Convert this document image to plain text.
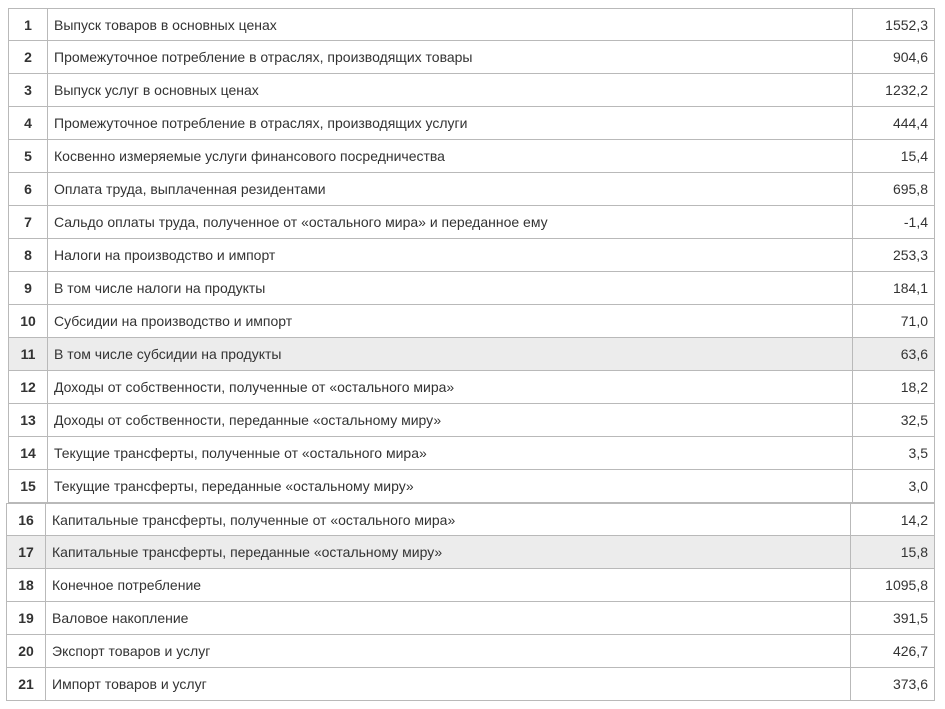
1	Выпуск товаров в основных ценах	1552,3
2	Промежуточное потребление в отраслях, производящих товары	904,6
3	Выпуск услуг в основных ценах	1232,2
4	Промежуточное потребление в отраслях, производящих услуги	444,4
5	Косвенно измеряемые услуги финансового посредничества	15,4
6	Оплата труда, выплаченная резидентами	695,8
7	Сальдо оплаты труда, полученное от «остального мира» и переданное ему	-1,4
8	Налоги на производство и импорт	253,3
9	В том числе налоги на продукты	184,1
10	Субсидии на производство и импорт	71,0
11	В том числе субсидии на продукты	63,6
12	Доходы от собственности, полученные от «остального мира»	18,2
13	Доходы от собственности, переданные «остальному миру»	32,5
14	Текущие трансферты, полученные от «остального мира»	3,5
15	Текущие трансферты, переданные «остальному миру»	3,0
16	Капитальные трансферты, полученные от «остального мира»	14,2
17	Капитальные трансферты, переданные «остальному миру»	15,8
18	Конечное потребление	1095,8
19	Валовое накопление	391,5
20	Экспорт товаров и услуг	426,7
21	Импорт товаров и услуг	373,6
